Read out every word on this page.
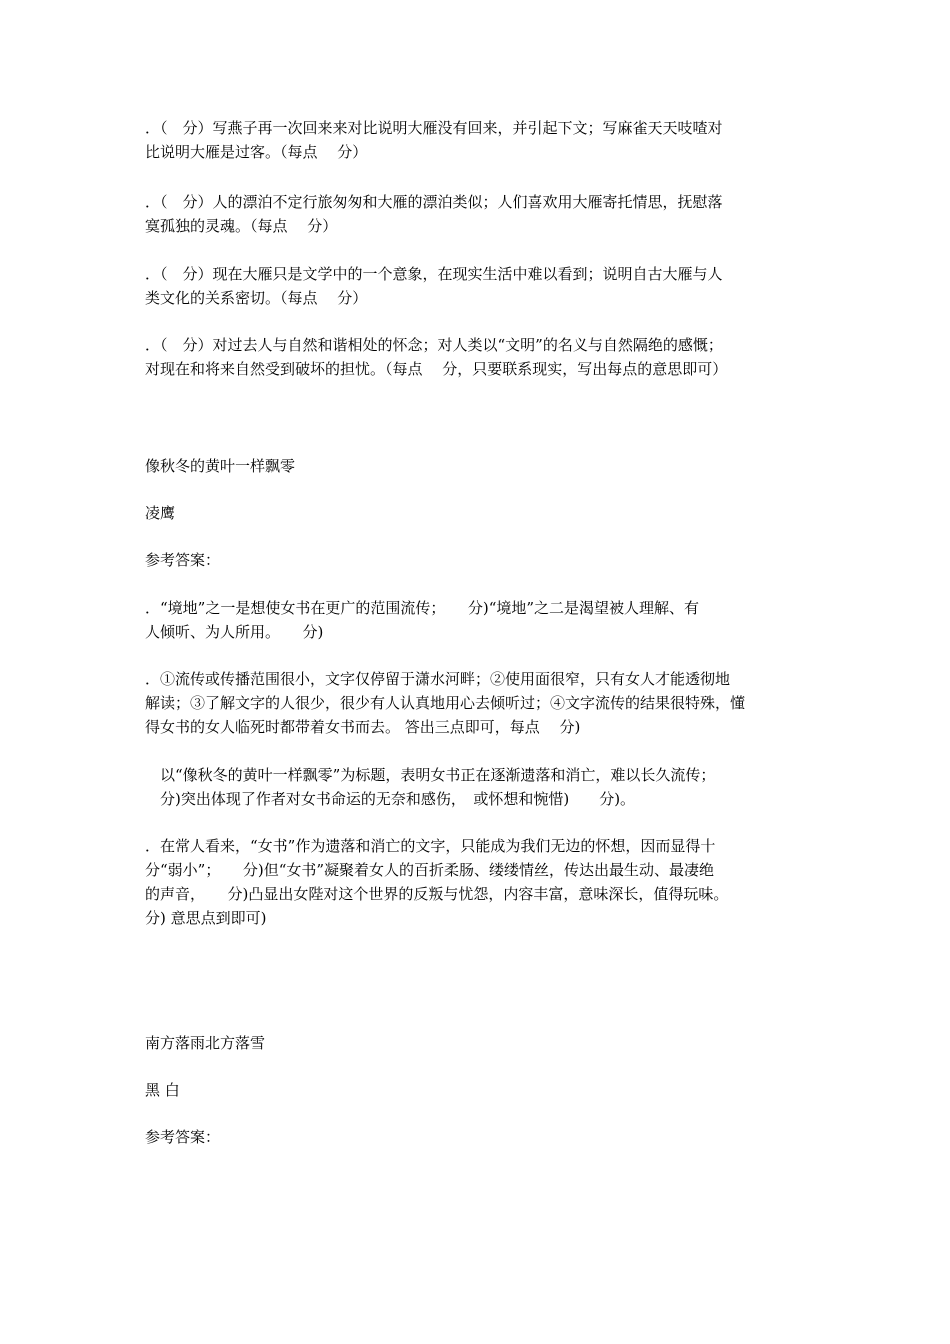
．（　分）写燕子再一次回来来对比说明大雁没有回来，并引起下文；写麻雀天天吱喳对
比说明大雁是过客。（每点　 分）
．（　分）人的漂泊不定行旅匆匆和大雁的漂泊类似；人们喜欢用大雁寄托情思，抚慰落
寞孤独的灵魂。（每点　 分）
．（　分）现在大雁只是文学中的一个意象，在现实生活中难以看到；说明自古大雁与人
类文化的关系密切。（每点　 分）
．（　分）对过去人与自然和谐相处的怀念；对人类以“文明”的名义与自然隔绝的感慨；
对现在和将来自然受到破坏的担忧。（每点　 分，只要联系现实，写出每点的意思即可）
像秋冬的黄叶一样飘零
凌鹰
参考答案：
．“境地”之一是想使女书在更广的范围流传；　　分)“境地”之二是渴望被人理解、有
人倾听、为人所用。　　分)
．①流传或传播范围很小，文字仅停留于潇水河畔；②使用面很窄，只有女人才能透彻地
解读；③了解文字的人很少，很少有人认真地用心去倾听过；④文字流传的结果很特殊，懂
得女书的女人临死时都带着女书而去。 答出三点即可，每点　 分)
　以“像秋冬的黄叶一样飘零”为标题，表明女书正在逐渐遗落和消亡，难以长久流传；
　分)突出体现了作者对女书命运的无奈和感伤，　或怀想和惋惜)　　分)。
．在常人看来，“女书”作为遗落和消亡的文字，只能成为我们无边的怀想，因而显得十
分“弱小”；　　分)但“女书”凝聚着女人的百折柔肠、缕缕情丝，传达出最生动、最凄绝
的声音，　　分)凸显出女陛对这个世界的反叛与忧怨，内容丰富，意味深长，值得玩味。
分) 意思点到即可)
南方落雨北方落雪
黑 白
参考答案：
